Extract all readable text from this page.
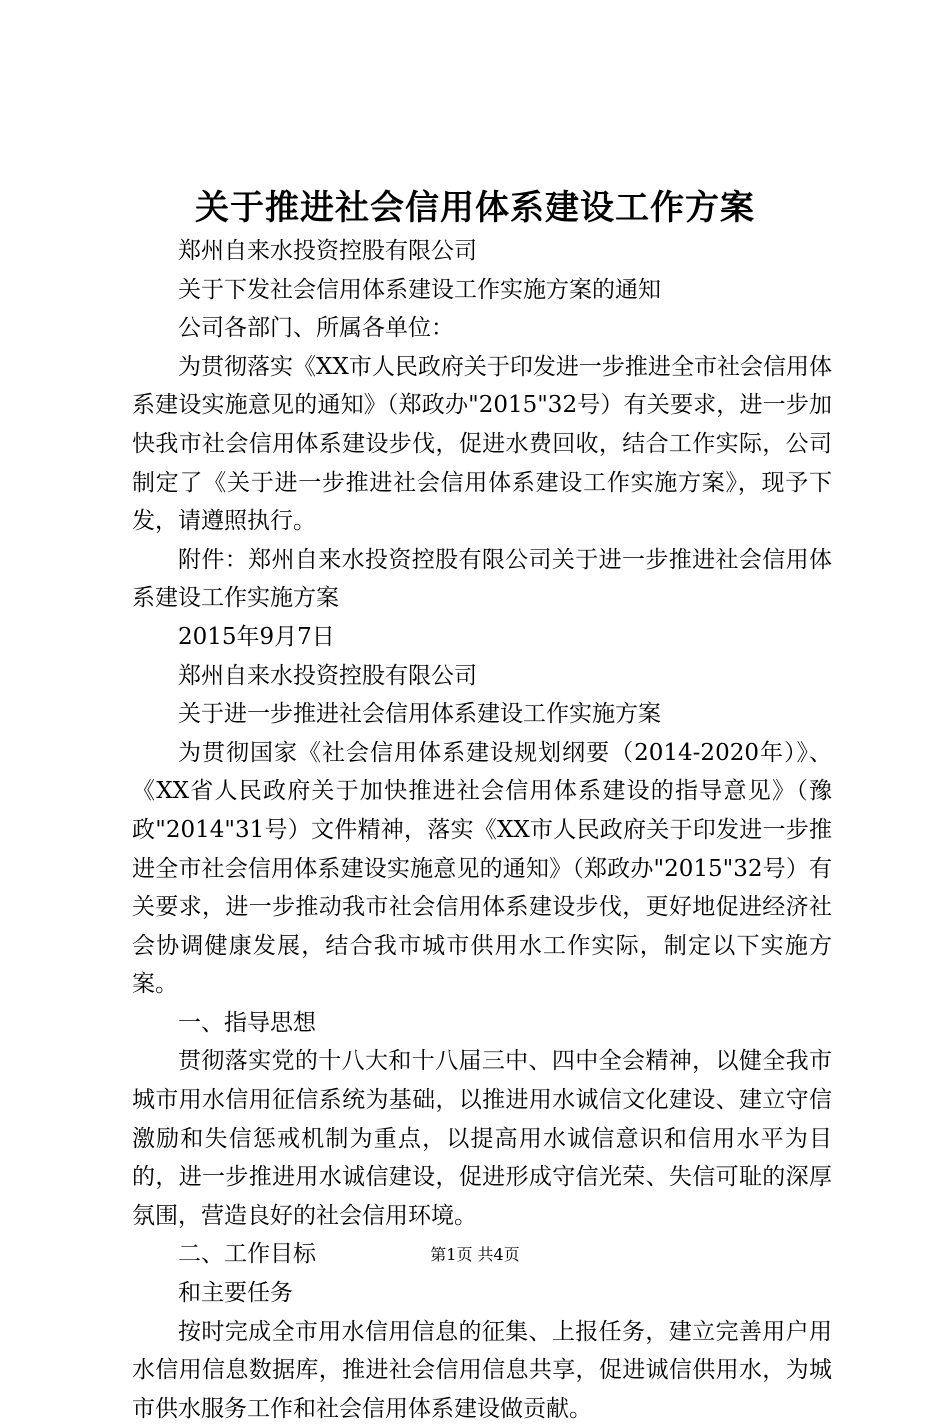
关于推进社会信用体系建设工作方案

郑州自来水投资控股有限公司

关于下发社会信用体系建设工作实施方案的通知

公司各部门、所属各单位：

为贯彻落实《XX市人民政府关于印发进一步推进全市社会信用体系建设实施意见的通知》（郑政办"2015"32号）有关要求，进一步加快我市社会信用体系建设步伐，促进水费回收，结合工作实际，公司制定了《关于进一步推进社会信用体系建设工作实施方案》，现予下发，请遵照执行。

附件：郑州自来水投资控股有限公司关于进一步推进社会信用体系建设工作实施方案

2015年9月7日

郑州自来水投资控股有限公司

关于进一步推进社会信用体系建设工作实施方案

为贯彻国家《社会信用体系建设规划纲要（2014-2020年）》、《XX省人民政府关于加快推进社会信用体系建设的指导意见》（豫政"2014"31号）文件精神，落实《XX市人民政府关于印发进一步推进全市社会信用体系建设实施意见的通知》（郑政办"2015"32号）有关要求，进一步推动我市社会信用体系建设步伐，更好地促进经济社会协调健康发展，结合我市城市供用水工作实际，制定以下实施方案。

一、指导思想

贯彻落实党的十八大和十八届三中、四中全会精神，以健全我市城市用水信用征信系统为基础，以推进用水诚信文化建设、建立守信激励和失信惩戒机制为重点，以提高用水诚信意识和信用水平为目的，进一步推进用水诚信建设，促进形成守信光荣、失信可耻的深厚氛围，营造良好的社会信用环境。

二、工作目标

和主要任务

按时完成全市用水信用信息的征集、上报任务，建立完善用户用水信用信息数据库，推进社会信用信息共享，促进诚信供用水，为城市供水服务工作和社会信用体系建设做贡献。

第1页 共4页
